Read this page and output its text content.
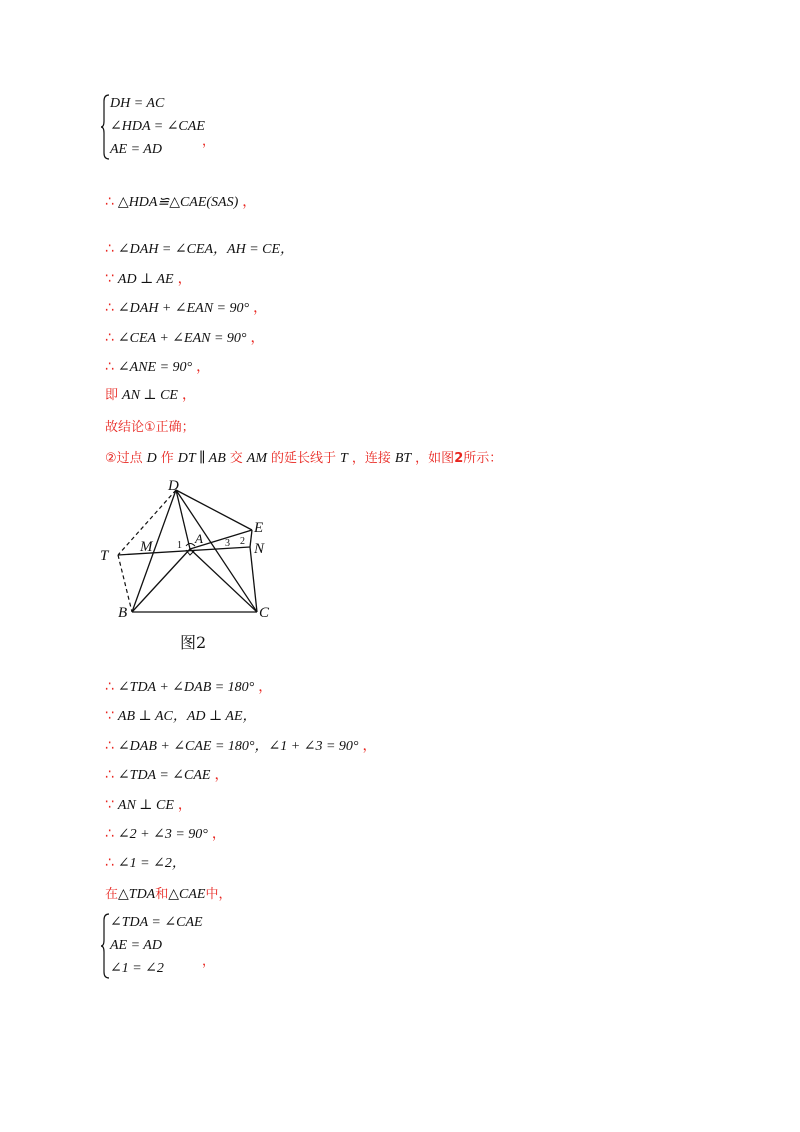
DH = AC
∠HDA = ∠CAE
AE = AD
，
∴ △HDA≌△CAE(SAS) ，
∴ ∠DAH = ∠CEA，AH = CE，
∵ AD ⊥ AE ，
∴ ∠DAH + ∠EAN = 90° ，
∴ ∠CEA + ∠EAN = 90° ，
∴ ∠ANE = 90° ，
即 AN ⊥ CE ，
故结论①正确；
②过点 D 作 DT ∥ AB 交 AM 的延长线于 T ，连接 BT ，如图2所示：
D
E
A
M	N
T
B	C
1	3 2
图2
∴ ∠TDA + ∠DAB = 180° ，
∵ AB ⊥ AC，AD ⊥ AE，
∴ ∠DAB + ∠CAE = 180°，∠1 + ∠3 = 90° ，
∴ ∠TDA = ∠CAE ，
∵ AN ⊥ CE ，
∴ ∠2 + ∠3 = 90° ，
∴ ∠1 = ∠2，
在△TDA和△CAE中，
∠TDA = ∠CAE
AE = AD
∠1 = ∠2	，
